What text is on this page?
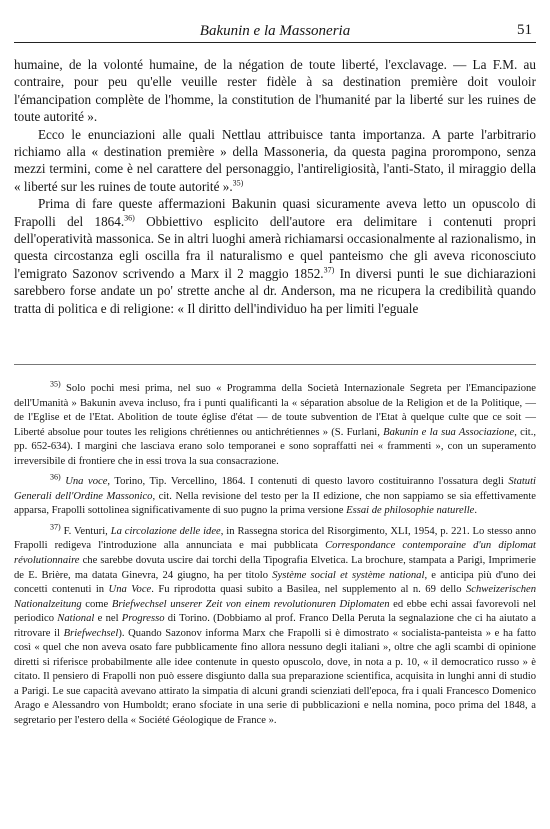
Bakunin e la Massoneria	51

humaine, de la volonté humaine, de la négation de toute liberté, l'exclavage. — La F.M. au contraire, pour peu qu'elle veuille rester fidèle à sa destination première doit vouloir l'émancipation complète de l'homme, la constitution de l'humanité par la liberté sur les ruines de toute autorité ».

Ecco le enunciazioni alle quali Nettlau attribuisce tanta importanza. A parte l'arbitrario richiamo alla « destination première » della Massoneria, da questa pagina prorompono, senza mezzi termini, come è nel carattere del personaggio, l'antireligiosità, l'anti-Stato, il miraggio della « liberté sur les ruines de toute autorité ».$^{35)}$

Prima di fare queste affermazioni Bakunin quasi sicuramente aveva letto un opuscolo di Frapolli del 1864.$^{36)}$ Obbiettivo esplicito dell'autore era delimitare i contenuti propri dell'operatività massonica. Se in altri luoghi amerà richiamarsi occasionalmente al razionalismo, in questa circostanza egli oscilla fra il naturalismo e quel panteismo che gli aveva riconosciuto l'emigrato Sazonov scrivendo a Marx il 2 maggio 1852.$^{37)}$ In diversi punti le sue dichiarazioni sarebbero forse andate un po' strette anche al dr. Anderson, ma ne ricupera la credibilità quando tratta di politica e di religione: « Il diritto dell'individuo ha per limiti l'eguale

$^{35)}$ Solo pochi mesi prima, nel suo « Programma della Società Internazionale Segreta per l'Emancipazione dell'Umanità » Bakunin aveva incluso, fra i punti qualificanti la « séparation absolue de la Religion et de la Politique, — de l'Eglise et de l'Etat. Abolition de toute église d'état — de toute subvention de l'Etat à quelque culte que ce soit — Liberté absolue pour toutes les religions chrétiennes ou antichrétiennes » (S. Furlani, Bakunin e la sua Associazione, cit., pp. 652-634). I margini che lasciava erano solo temporanei e sono sopraffatti nei « frammenti », con un superamento irreversibile di frontiere che in essi trova la sua consacrazione.

$^{36)}$ Una voce, Torino, Tip. Vercellino, 1864. I contenuti di questo lavoro costituiranno l'ossatura degli Statuti Generali dell'Ordine Massonico, cit. Nella revisione del testo per la II edizione, che non sappiamo se sia effettivamente apparsa, Frapolli sottolinea significativamente di suo pugno la prima versione Essai de philosophie naturelle.

$^{37)}$ F. Venturi, La circolazione delle idee, in Rassegna storica del Risorgimento, XLI, 1954, p. 221. Lo stesso anno Frapolli redigeva l'introduzione alla annunciata e mai pubblicata Correspondance contemporaine d'un diplomat révolutionnaire che sarebbe dovuta uscire dai torchi della Tipografia Elvetica. La brochure, stampata a Parigi, Imprimerie de E. Brière, ma datata Ginevra, 24 giugno, ha per titolo Système social et système national, e anticipa più d'uno dei concetti contenuti in Una Voce. Fu riprodotta quasi subito a Basilea, nel supplemento al n. 69 dello Schweizerischen Nationalzeitung come Briefwechsel unserer Zeit von einem revolutionuren Diplomaten ed ebbe echi assai favorevoli nel periodico National e nel Progresso di Torino. (Dobbiamo al prof. Franco Della Peruta la segnalazione che ci ha aiutato a ritrovare il Briefwechsel). Quando Sazonov informa Marx che Frapolli si è dimostrato « socialista-panteista » e ha fatto così « quel che non aveva osato fare pubblicamente fino allora nessuno degli italiani », oltre che agli scambi di opinione diretti si riferisce probabilmente alle idee contenute in questo opuscolo, dove, in nota a p. 10, « il democratico russo » è citato. Il pensiero di Frapolli non può essere disgiunto dalla sua preparazione scientifica, acquisita in lunghi anni di studio a Parigi. Le sue capacità avevano attirato la simpatia di alcuni grandi scienziati dell'epoca, fra i quali Francesco Domenico Arago e Alessandro von Humboldt; erano sfociate in una serie di pubblicazioni e nella nomina, poco prima del 1848, a segretario per l'estero della « Société Géologique de France ».
